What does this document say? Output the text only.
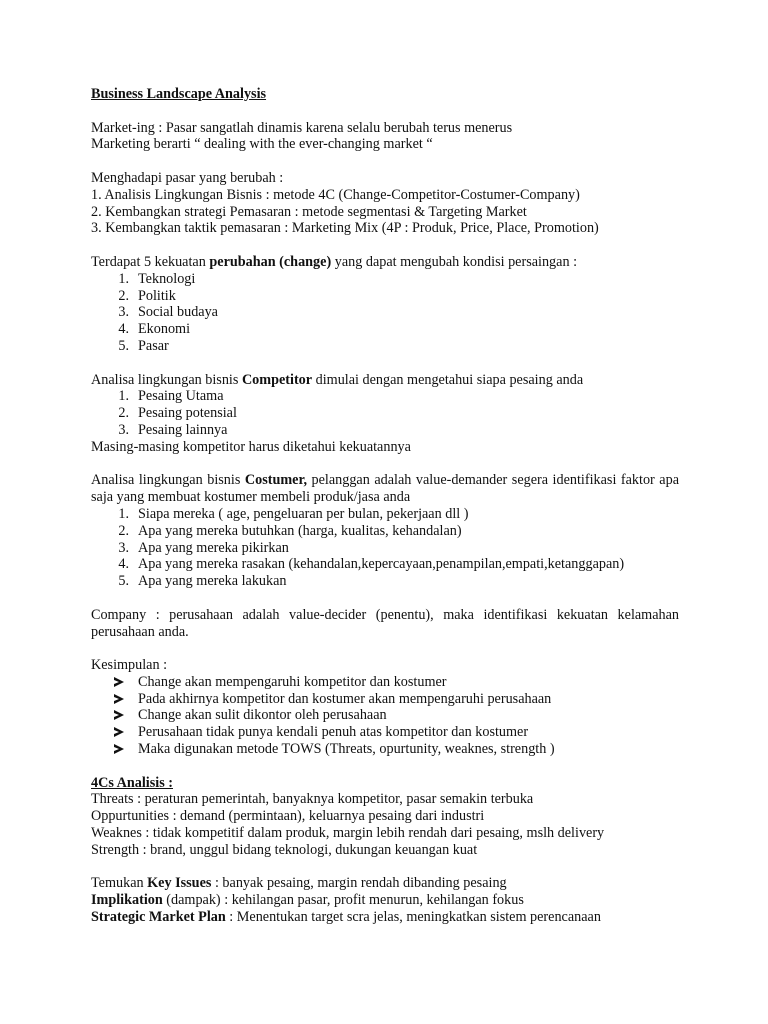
Business Landscape Analysis
Market-ing : Pasar sangatlah dinamis karena selalu berubah terus menerus
Marketing berarti “ dealing with the ever-changing market “
Menghadapi pasar yang berubah :
1. Analisis Lingkungan Bisnis : metode 4C (Change-Competitor-Costumer-Company)
2. Kembangkan strategi Pemasaran : metode segmentasi & Targeting Market
3. Kembangkan taktik pemasaran : Marketing Mix (4P : Produk, Price, Place, Promotion)
Terdapat 5 kekuatan perubahan (change) yang dapat mengubah kondisi persaingan :
1. Teknologi
2. Politik
3. Social budaya
4. Ekonomi
5. Pasar
Analisa lingkungan bisnis Competitor dimulai dengan mengetahui siapa pesaing anda
1. Pesaing Utama
2. Pesaing potensial
3. Pesaing lainnya
Masing-masing kompetitor harus diketahui kekuatannya
Analisa lingkungan bisnis Costumer, pelanggan adalah value-demander segera identifikasi faktor apa saja yang membuat kostumer membeli produk/jasa anda
1. Siapa mereka ( age, pengeluaran per bulan, pekerjaan dll )
2. Apa yang mereka butuhkan (harga, kualitas, kehandalan)
3. Apa yang mereka pikirkan
4. Apa yang mereka rasakan (kehandalan,kepercayaan,penampilan,empati,ketanggapan)
5. Apa yang mereka lakukan
Company : perusahaan adalah value-decider (penentu), maka identifikasi kekuatan kelamahan perusahaan anda.
Kesimpulan :
Change akan mempengaruhi kompetitor dan kostumer
Pada akhirnya kompetitor dan kostumer akan mempengaruhi perusahaan
Change akan sulit dikontor oleh perusahaan
Perusahaan tidak punya kendali penuh atas kompetitor dan kostumer
Maka digunakan metode TOWS (Threats, opurtunity, weaknes, strength )
4Cs Analisis :
Threats : peraturan pemerintah, banyaknya kompetitor, pasar semakin terbuka
Oppurtunities : demand (permintaan), keluarnya pesaing dari industri
Weaknes : tidak kompetitif dalam produk, margin lebih rendah dari pesaing, mslh delivery
Strength : brand, unggul bidang teknologi, dukungan keuangan kuat
Temukan Key Issues : banyak pesaing, margin rendah dibanding pesaing
Implikation (dampak) : kehilangan pasar, profit menurun, kehilangan fokus
Strategic Market Plan : Menentukan target scra jelas, meningkatkan sistem perencanaan
